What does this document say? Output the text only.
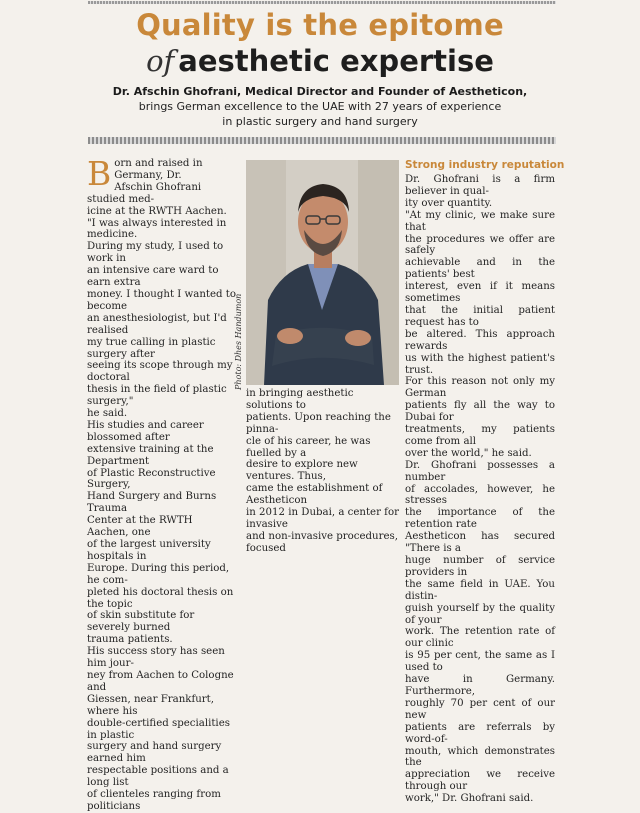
Quality is the epitome
of aesthetic expertise
Dr. Afschin Ghofrani, Medical Director and Founder of Aestheticon,
brings German excellence to the UAE with 27 years of experience
in plastic surgery and hand surgery
B orn and raised in Germany, Dr.

Afschin Ghofrani studied med-

icine at the RWTH Aachen.

"I was always interested in medicine.

During my study, I used to work in

an intensive care ward to earn extra

money. I thought I wanted to become

an anesthesiologist, but I'd realised

my true calling in plastic surgery after

seeing its scope through my doctoral

thesis in the field of plastic surgery,"

he said.

His studies and career blossomed after

extensive training at the Department

of Plastic Reconstructive Surgery,

Hand Surgery and Burns Trauma

Center at the RWTH Aachen, one

of the largest university hospitals in

Europe. During this period, he com-

pleted his doctoral thesis on the topic

of skin substitute for severely burned

trauma patients.

His success story has seen him jour-

ney from Aachen to Cologne and

Giessen, near Frankfurt, where his

double-certified specialities in plastic

surgery and hand surgery earned him

respectable positions and a long list

of clienteles ranging from politicians

Photo: Dhes Handumon

in bringing aesthetic solutions to

patients. Upon reaching the pinna-

cle of his career, he was fuelled by a

desire to explore new ventures. Thus,

came the establishment of Aestheticon

in 2012 in Dubai, a center for invasive

and non-invasive procedures, focused

Strong industry reputation

Dr. Ghofrani is a firm believer in qual-

ity over quantity.

"At my clinic, we make sure that

the procedures we offer are safely

achievable and in the patients' best

interest, even if it means sometimes

that the initial patient request has to

be altered. This approach rewards

us with the highest patient's trust.

For this reason not only my German

patients fly all the way to Dubai for

treatments, my patients come from all

over the world," he said.

Dr. Ghofrani possesses a number

of accolades, however, he stresses

the importance of the retention rate

Aestheticon has secured "There is a

huge number of service providers in

the same field in UAE. You distin-

guish yourself by the quality of your

work. The retention rate of our clinic

is 95 per cent, the same as I used to

have in Germany. Furthermore,

roughly 70 per cent of our new

patients are referrals by word-of-

mouth, which demonstrates the

appreciation we receive through our

work," Dr. Ghofrani said.
